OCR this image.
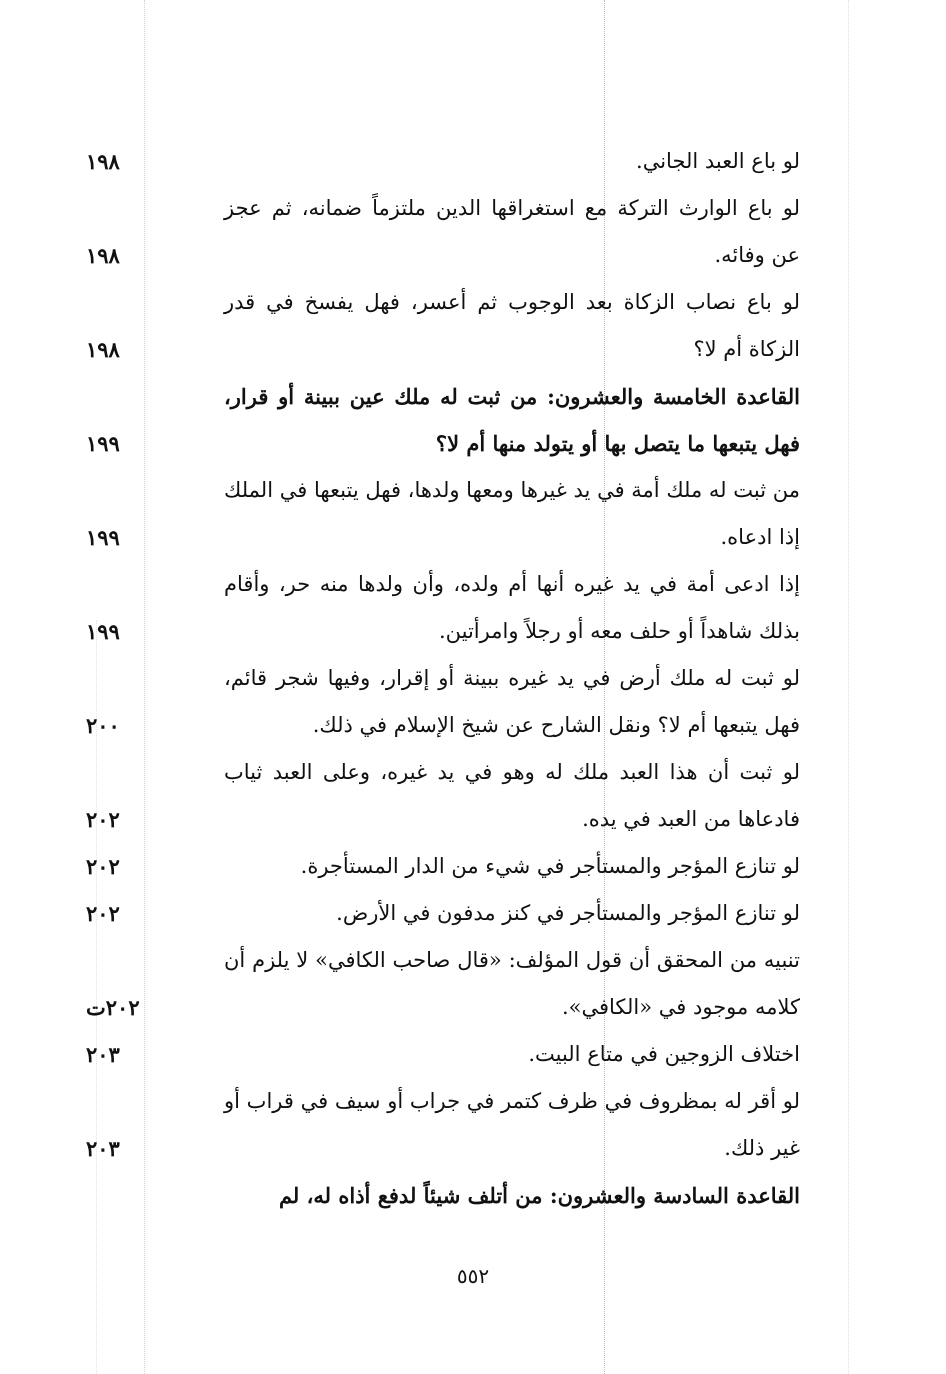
لو باع العبد الجاني.
١٩٨
لو باع الوارث التركة مع استغراقها الدين ملتزماً ضمانه، ثم عجز عن وفائه.
١٩٨
لو باع نصاب الزكاة بعد الوجوب ثم أعسر، فهل يفسخ في قدر الزكاة أم لا؟
١٩٨
القاعدة الخامسة والعشرون: من ثبت له ملك عين ببينة أو قرار، فهل يتبعها ما يتصل بها أو يتولد منها أم لا؟
١٩٩
من ثبت له ملك أمة في يد غيرها ومعها ولدها، فهل يتبعها في الملك إذا ادعاه.
١٩٩
إذا ادعى أمة في يد غيره أنها أم ولده، وأن ولدها منه حر، وأقام بذلك شاهداً أو حلف معه أو رجلاً وامرأتين.
١٩٩
لو ثبت له ملك أرض في يد غيره ببينة أو إقرار، وفيها شجر قائم، فهل يتبعها أم لا؟ ونقل الشارح عن شيخ الإسلام في ذلك.
٢٠٠
لو ثبت أن هذا العبد ملك له وهو في يد غيره، وعلى العبد ثياب فادعاها من العبد في يده.
٢٠٢
لو تنازع المؤجر والمستأجر في شيء من الدار المستأجرة.
٢٠٢
لو تنازع المؤجر والمستأجر في كنز مدفون في الأرض.
٢٠٢
تنبيه من المحقق أن قول المؤلف: «قال صاحب الكافي» لا يلزم أن كلامه موجود في «الكافي».
٢٠٢ت
اختلاف الزوجين في متاع البيت.
٢٠٣
لو أقر له بمظروف في ظرف كتمر في جراب أو سيف في قراب أو غير ذلك.
٢٠٣
القاعدة السادسة والعشرون: من أتلف شيئاً لدفع أذاه له، لم
٥٥٢
